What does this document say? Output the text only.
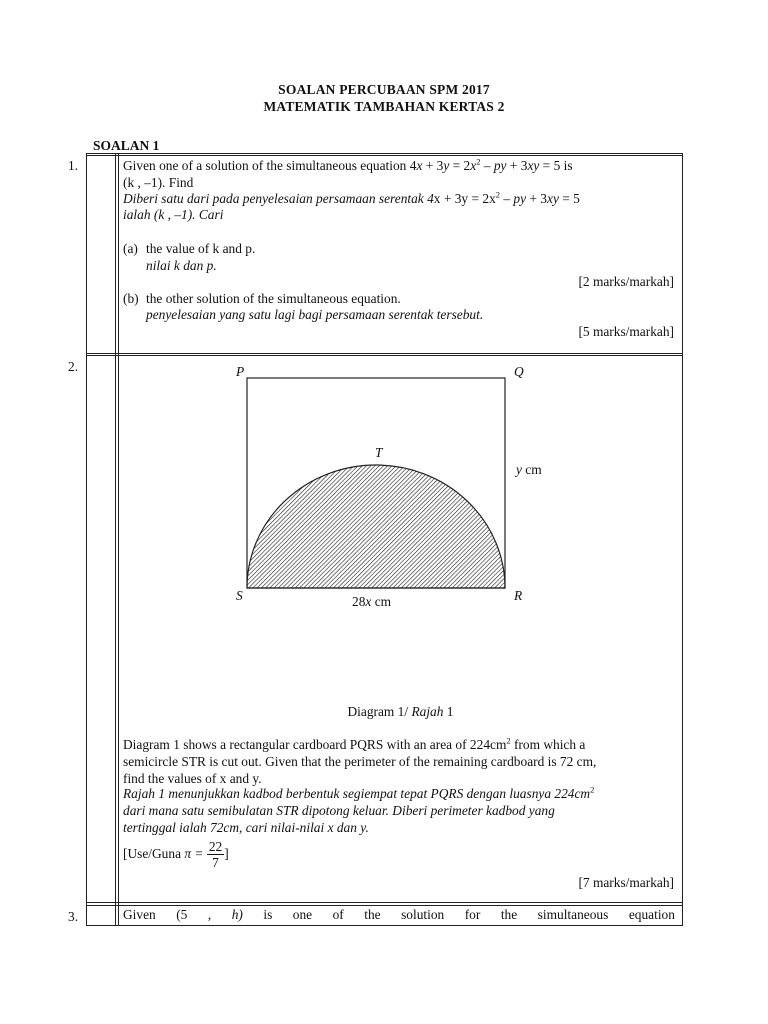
SOALAN PERCUBAAN SPM 2017
MATEMATIK TAMBAHAN KERTAS 2
SOALAN 1
1.	Given one of a solution of the simultaneous equation $4x + 3y = 2x^2$ – py + 3xy = 5 is
(k , –1). Find
Diberi satu dari pada penyelesaian persamaan serentak $4x + 3y = 2x^2$ – py + 3xy = 5
ialah (k , –1). Cari
(a) the value of k and p.
nilai k dan p.
[2 marks/markah]
(b) the other solution of the simultaneous equation.
penyelesaian yang satu lagi bagi persamaan serentak tersebut.
[5 marks/markah]
2.	P	Q
T
y cm
S	R
28x cm
Diagram 1/ Rajah 1
Diagram 1 shows a rectangular cardboard PQRS with an area of $224cm^2$ from which a
semicircle STR is cut out. Given that the perimeter of the remaining cardboard is 72 cm,
find the values of x and y.
Rajah 1 menunjukkan kadbod berbentuk segiempat tepat PQRS dengan luasnya $224cm^2$
dari mana satu semibulatan STR dipotong keluar. Diberi perimeter kadbod yang
tertinggal ialah 72cm, cari nilai-nilai x dan y.
[Use/Guna $\pi = \frac{22}{7}$ ]
[7 marks/markah]
3.	Given (5 , h) is one of the solution for the simultaneous equation
